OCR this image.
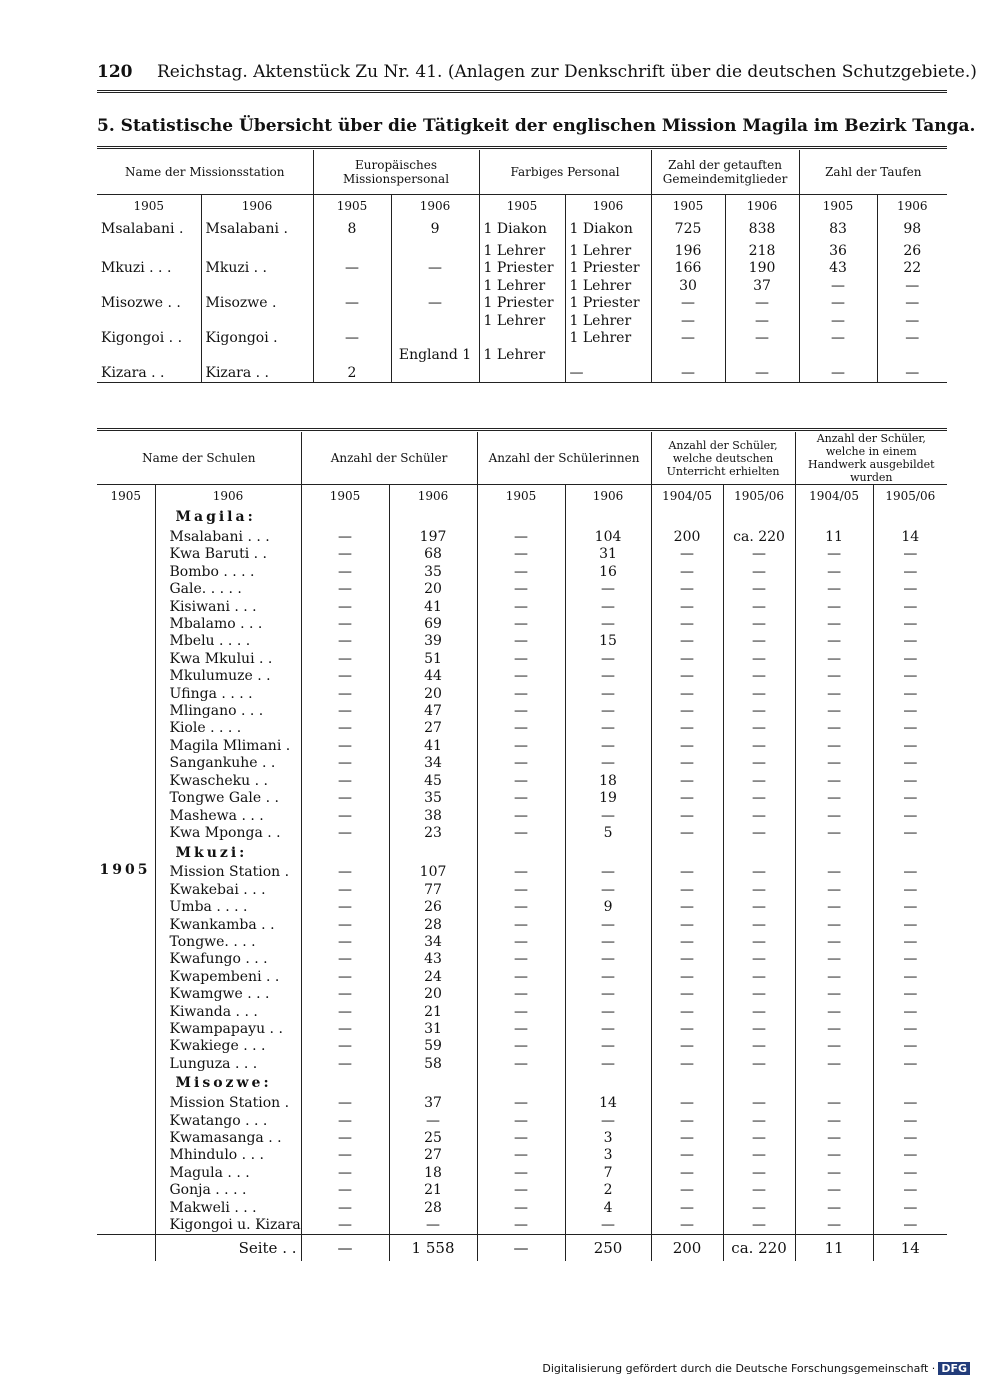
120 Reichstag. Aktenstück Zu Nr. 41. (Anlagen zur Denkschrift über die deutschen Schutzgebiete.)
5. Statistische Übersicht über die Tätigkeit der englischen Mission Magila im Bezirk Tanga.
Name der Missionsstation		Europäisches Missionspersonal		Farbiges Personal		Zahl der getauften Gemeindemitglieder		Zahl der Taufen	
1905	1906	1905	1906	1905	1906	1905	1906	1905	1906
Msalabani .	Msalabani .	8	9	1 Diakon	1 Diakon	725	838	83	98
				1 Lehrer	1 Lehrer	196	218	36	26
Mkuzi . . .	Mkuzi . .	—	—	1 Priester	1 Priester	166	190	43	22
				1 Lehrer	1 Lehrer	30	37	—	—
Misozwe . .	Misozwe .	—	—	1 Priester	1 Priester	—	—	—	—
				1 Lehrer	1 Lehrer	—	—	—	—
Kigongoi . .	Kigongoi .	—			1 Lehrer	—	—	—	—
			England 1	1 Lehrer					
Kizara . .	Kizara . .	2			—	—	—	—	—
Name der Schulen		Anzahl der Schüler		Anzahl der Schülerinnen		Anzahl der Schüler, welche deutschen Unterricht erhielten		Anzahl der Schüler, welche in einem Handwerk ausgebildet wurden	
1905	1906	1905	1906	1905	1906	1904/05	1905/06	1904/05	1905/06
1905	Magila:								
	Msalabani . . .	—	197	—	104	200	ca. 220	11	14
	Kwa Baruti . .	—	68	—	31	—	—	—	—
	Bombo . . . .	—	35	—	16	—	—	—	—
	Gale. . . . .	—	20	—	—	—	—	—	—
	Kisiwani . . .	—	41	—	—	—	—	—	—
	Mbalamo . . .	—	69	—	—	—	—	—	—
	Mbelu . . . .	—	39	—	15	—	—	—	—
	Kwa Mkului . .	—	51	—	—	—	—	—	—
	Mkulumuze . .	—	44	—	—	—	—	—	—
	Ufinga . . . .	—	20	—	—	—	—	—	—
	Mlingano . . .	—	47	—	—	—	—	—	—
	Kiole . . . .	—	27	—	—	—	—	—	—
	Magila Mlimani .	—	41	—	—	—	—	—	—
	Sangankuhe . .	—	34	—	—	—	—	—	—
	Kwascheku . .	—	45	—	18	—	—	—	—
	Tongwe Gale . .	—	35	—	19	—	—	—	—
	Mashewa . . .	—	38	—	—	—	—	—	—
	Kwa Mponga . .	—	23	—	5	—	—	—	—
	Mkuzi:								
	Mission Station .	—	107	—	—	—	—	—	—
	Kwakebai . . .	—	77	—	—	—	—	—	—
	Umba . . . .	—	26	—	9	—	—	—	—
	Kwankamba . .	—	28	—	—	—	—	—	—
	Tongwe. . . .	—	34	—	—	—	—	—	—
	Kwafungo . . .	—	43	—	—	—	—	—	—
	Kwapembeni . .	—	24	—	—	—	—	—	—
	Kwamgwe . . .	—	20	—	—	—	—	—	—
	Kiwanda . . .	—	21	—	—	—	—	—	—
	Kwampapayu . .	—	31	—	—	—	—	—	—
	Kwakiege . . .	—	59	—	—	—	—	—	—
	Lunguza . . .	—	58	—	—	—	—	—	—
	Misozwe:								
	Mission Station .	—	37	—	14	—	—	—	—
	Kwatango . . .	—	—	—	—	—	—	—	—
	Kwamasanga . .	—	25	—	3	—	—	—	—
	Mhindulo . . .	—	27	—	3	—	—	—	—
	Magula . . .	—	18	—	7	—	—	—	—
	Gonja . . . .	—	21	—	2	—	—	—	—
	Makweli . . .	—	28	—	4	—	—	—	—
	Kigongoi u. Kizara	—	—	—	—	—	—	—	—
	Seite . .	—	1 558	—	250	200	ca. 220	11	14
Digitalisierung gefördert durch die Deutsche Forschungsgemeinschaft · DFG
